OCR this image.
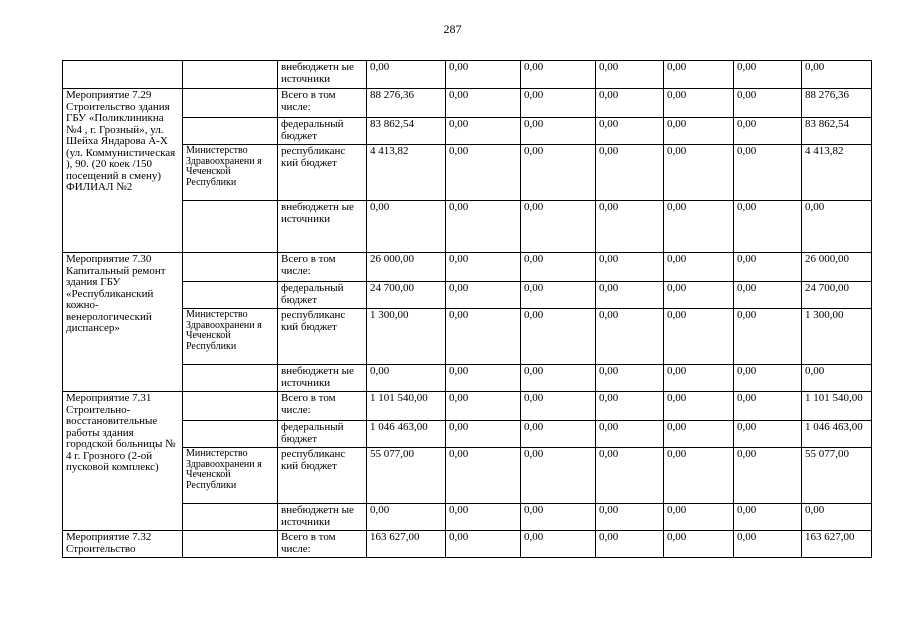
287
		внебюджетн ые источники	0,00	0,00	0,00	0,00	0,00	0,00	0,00
Мероприятие 7.29 Строительство здания ГБУ «Поликлиникна №4 , г. Грозный», ул. Шейха Яндарова А-Х (ул. Коммунистическая ), 90. (20 коек /150 посещений в смену) ФИЛИАЛ №2		Всего в том числе:	88 276,36	0,00	0,00	0,00	0,00	0,00	88 276,36
		федеральный бюджет	83 862,54	0,00	0,00	0,00	0,00	0,00	83 862,54
	Министерство Здравоохранени я Чеченской Республики	республиканс кий бюджет	4 413,82	0,00	0,00	0,00	0,00	0,00	4 413,82
		внебюджетн ые источники	0,00	0,00	0,00	0,00	0,00	0,00	0,00
Мероприятие 7.30 Капитальный ремонт здания ГБУ «Республиканский кожно- венерологический диспансер»		Всего в том числе:	26 000,00	0,00	0,00	0,00	0,00	0,00	26 000,00
		федеральный бюджет	24 700,00	0,00	0,00	0,00	0,00	0,00	24 700,00
	Министерство Здравоохранени я Чеченской Республики	республиканс кий бюджет	1 300,00	0,00	0,00	0,00	0,00	0,00	1 300,00
		внебюджетн ые источники	0,00	0,00	0,00	0,00	0,00	0,00	0,00
Мероприятие 7.31 Строительно- восстановительные работы здания городской больницы № 4 г. Грозного (2-ой пусковой комплекс)		Всего в том числе:	1 101 540,00	0,00	0,00	0,00	0,00	0,00	1 101 540,00
		федеральный бюджет	1 046 463,00	0,00	0,00	0,00	0,00	0,00	1 046 463,00
	Министерство Здравоохранени я Чеченской Республики	республиканс кий бюджет	55 077,00	0,00	0,00	0,00	0,00	0,00	55 077,00
		внебюджетн ые источники	0,00	0,00	0,00	0,00	0,00	0,00	0,00
Мероприятие 7.32 Строительство		Всего в том числе:	163 627,00	0,00	0,00	0,00	0,00	0,00	163 627,00
